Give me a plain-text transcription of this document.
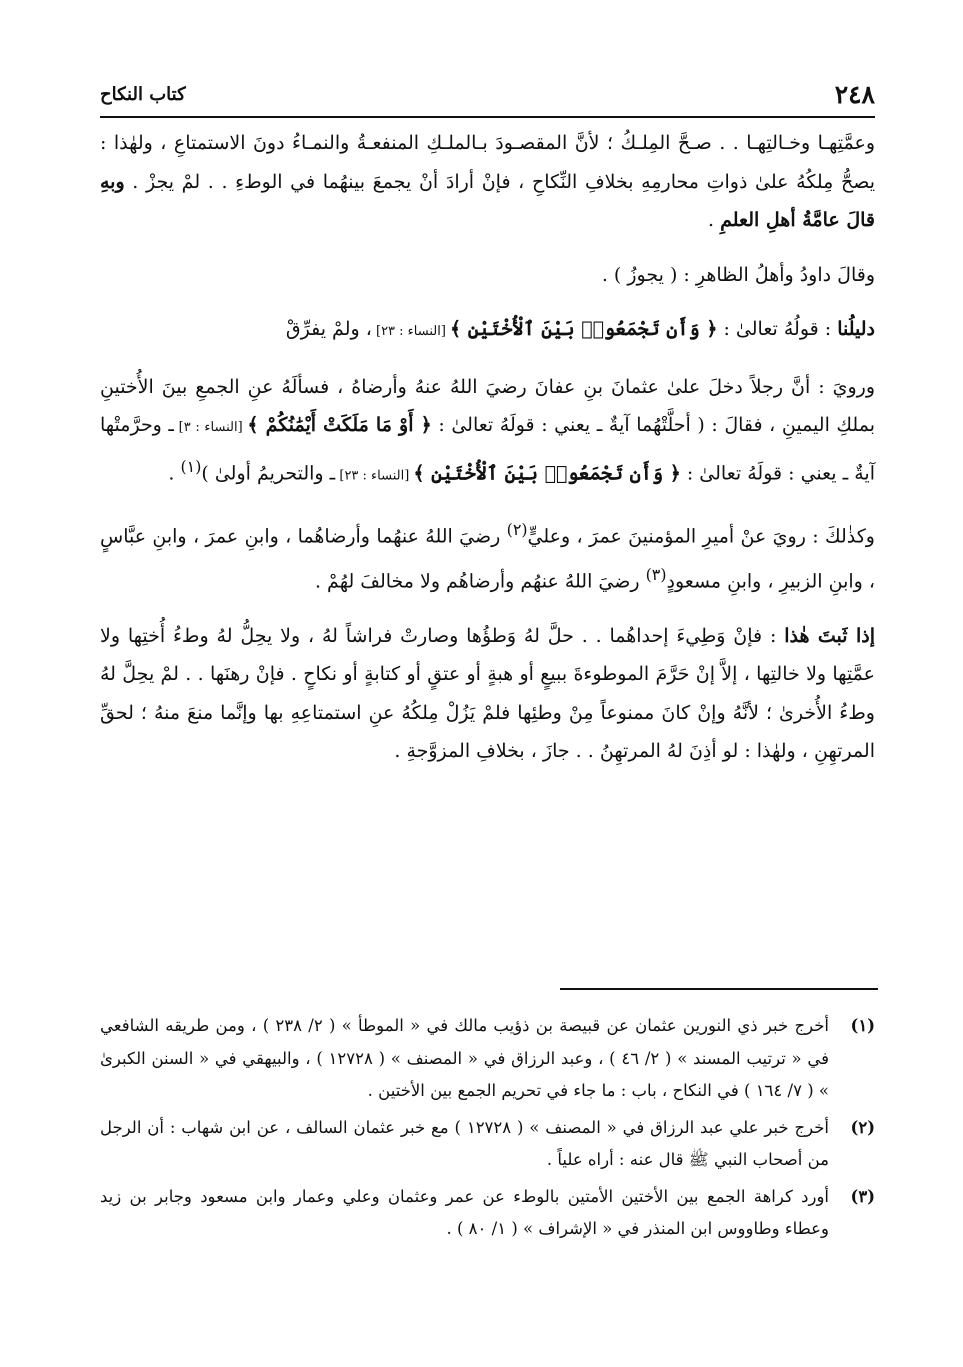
٢٤٨
كتاب النكاح

وعمَّتِهـا وخـالتِهـا . . صـحَّ المِلـكُ ؛ لأنَّ المقصـودَ بـالملـكِ المنفعـةُ والنمـاءُ دونَ الاستمتاعِ ، ولهٰذا : يصحُّ مِلكُهُ علىٰ ذواتِ محارمِهِ بخلافِ النِّكاحِ ، فإنْ أرادَ أنْ يجمعَ بينهُما في الوطءِ . . لمْ يجزْ . وبهِ قالَ عامَّةُ أهلِ العلمِ .

وقالَ داودُ وأهلُ الظاهرِ : ( يجوزُ ) .

دليلُنا : قولُهُ تعالىٰ : ﴿ وَأَن تَجْمَعُوا۟ بَيْنَ ٱلْأُخْتَيْنِ ﴾ [النساء : ٢٣] ، ولمْ يفرِّقْ

ورويَ : أنَّ رجلاً دخلَ علىٰ عثمانَ بنِ عفانَ رضيَ اللهُ عنهُ وأرضاهُ ، فسألَهُ عنِ الجمعِ بينَ الأُختينِ بملكِ اليمينِ ، فقالَ : ( أحلَّتْهُما آيةٌ ـ يعني : قولَهُ تعالىٰ : ﴿ أَوْ مَا مَلَكَتْ أَيْمَٰنُكُمْ ﴾ [النساء : ٣] ـ وحرَّمتْها آيةٌ ـ يعني : قولَهُ تعالىٰ : ﴿ وَأَن تَجْمَعُوا۟ بَيْنَ ٱلْأُخْتَيْنِ ﴾ [النساء : ٢٣] ـ والتحريمُ أولىٰ )$^{(١)}$ .

وكذٰلكَ : رويَ عنْ أميرِ المؤمنينَ عمرَ ، وعليٍّ$^{(٢)}$ رضيَ اللهُ عنهُما وأرضاهُما ، وابنِ عمرَ ، وابنِ عبَّاسٍ ، وابنِ الزبيرِ ، وابنِ مسعودٍ$^{(٣)}$ رضيَ اللهُ عنهُم وأرضاهُم ولا مخالفَ لهُمْ .

إذا ثَبتَ هٰذا : فإنْ وَطِيءَ إحداهُما . . حلَّ لهُ وَطؤُها وصارتْ فراشاً لهُ ، ولا يحِلُّ لهُ وطءُ أُختِها ولا عمَّتِها ولا خالتِها ، إلاَّ إنْ حَرَّمَ الموطوءةَ ببيعٍ أو هبةٍ أو عتقٍ أو كتابةٍ أو نكاحٍ . فإنْ رهنَها . . لمْ يحِلَّ لهُ وطءُ الأُخرىٰ ؛ لأنَّهُ وإنْ كانَ ممنوعاً مِنْ وطئِها فلمْ يَزُلْ مِلكُهُ عنِ استمتاعِهِ بها وإنَّما منعَ منهُ ؛ لحقِّ المرتهِنِ ، ولهٰذا : لو أذِنَ لهُ المرتهِنُ . . جازَ ، بخلافِ المزوَّجةِ .

(١)
أخرج خبر ذي النورين عثمان عن قبيصة بن ذؤيب مالك في « الموطأ » ( ٢/ ٢٣٨ ) ، ومن طريقه الشافعي في « ترتيب المسند » ( ٢/ ٤٦ ) ، وعبد الرزاق في « المصنف » ( ١٢٧٢٨ ) ، والبيهقي في « السنن الكبرىٰ » ( ٧/ ١٦٤ ) في النكاح ، باب : ما جاء في تحريم الجمع بين الأختين .
(٢)
أخرج خبر علي عبد الرزاق في « المصنف » ( ١٢٧٢٨ ) مع خبر عثمان السالف ، عن ابن شهاب : أن الرجل من أصحاب النبي ﷺ قال عنه : أراه علياً .
(٣)
أورد كراهة الجمع بين الأختين الأمتين بالوطء عن عمر وعثمان وعلي وعمار وابن مسعود وجابر بن زيد وعطاء وطاووس ابن المنذر في « الإشراف » ( ١/ ٨٠ ) .
